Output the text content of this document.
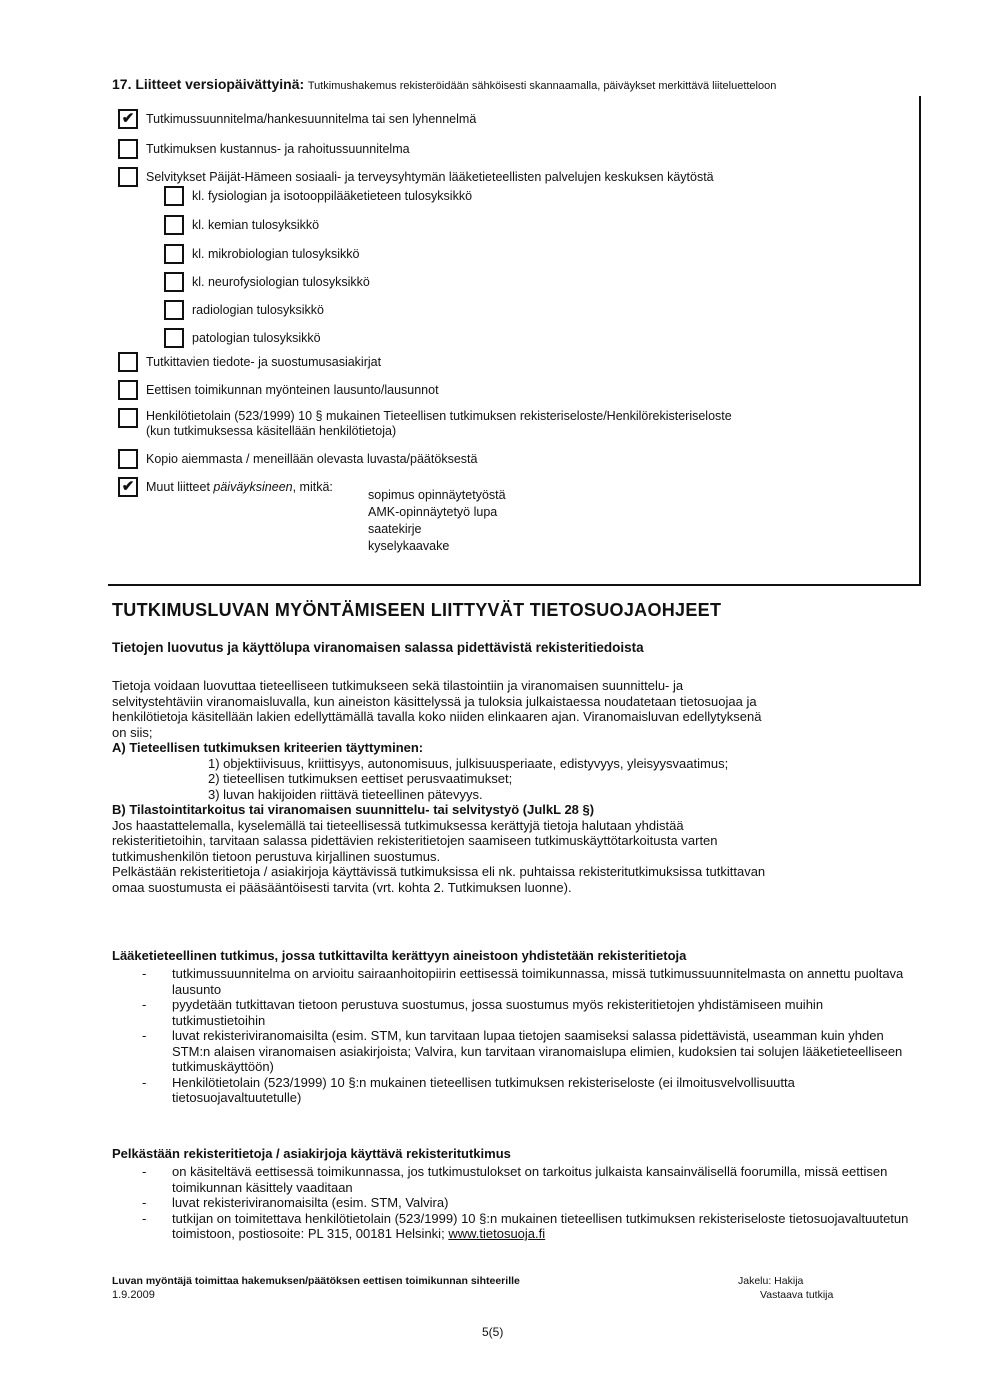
17. Liitteet versiopäivättyinä: Tutkimushakemus rekisteröidään sähköisesti skannaamalla, päiväykset merkittävä liiteluetteloon
✔ Tutkimussuunnitelma/hankesuunnitelma tai sen lyhennelmä
Tutkimuksen kustannus- ja rahoitussuunnitelma
Selvitykset Päijät-Hämeen sosiaali- ja terveysyhtymän lääketieteellisten palvelujen keskuksen käytöstä
kl. fysiologian ja isotooppilääketieteen tulosyksikkö
kl. kemian tulosyksikkö
kl. mikrobiologian tulosyksikkö
kl. neurofysiologian tulosyksikkö
radiologian tulosyksikkö
patologian tulosyksikkö
Tutkittavien tiedote- ja suostumusasiakirjat
Eettisen toimikunnan myönteinen lausunto/lausunnot
Henkilötietolain (523/1999) 10 § mukainen Tieteellisen tutkimuksen rekisteriseloste/Henkilörekisteriseloste
(kun tutkimuksessa käsitellään henkilötietoja)
Kopio aiemmasta / meneillään olevasta luvasta/päätöksestä
✔ Muut liitteet päiväyksineen, mitkä:
sopimus opinnäytetyöstä
AMK-opinnäytetyö lupa
saatekirje
kyselykaavake
TUTKIMUSLUVAN MYÖNTÄMISEEN LIITTYVÄT TIETOSUOJAOHJEET
Tietojen luovutus ja käyttölupa viranomaisen salassa pidettävistä rekisteritiedoista
Tietoja voidaan luovuttaa tieteelliseen tutkimukseen sekä tilastointiin ja viranomaisen suunnittelu- ja
selvitystehtäviin viranomaisluvalla, kun aineiston käsittelyssä ja tuloksia julkaistaessa noudatetaan tietosuojaa ja
henkilötietoja käsitellään lakien edellyttämällä tavalla koko niiden elinkaaren ajan. Viranomaisluvan edellytyksenä
on siis;
A) Tieteellisen tutkimuksen kriteerien täyttyminen:
1) objektiivisuus, kriittisyys, autonomisuus, julkisuusperiaate, edistyvyys, yleisyysvaatimus;
2) tieteellisen tutkimuksen eettiset perusvaatimukset;
3) luvan hakijoiden riittävä tieteellinen pätevyys.
B) Tilastointitarkoitus tai viranomaisen suunnittelu- tai selvitystyö (JulkL 28 §)
Jos haastattelemalla, kyselemällä tai tieteellisessä tutkimuksessa kerättyjä tietoja halutaan yhdistää
rekisteritietoihin, tarvitaan salassa pidettävien rekisteritietojen saamiseen tutkimuskäyttötarkoitusta varten
tutkimushenkilön tietoon perustuva kirjallinen suostumus.
Pelkästään rekisteritietoja / asiakirjoja käyttävissä tutkimuksissa eli nk. puhtaissa rekisteritutkimuksissa tutkittavan
omaa suostumusta ei pääsääntöisesti tarvita (vrt. kohta 2. Tutkimuksen luonne).
Lääketieteellinen tutkimus, jossa tutkittavilta kerättyyn aineistoon yhdistetään rekisteritietoja
- tutkimussuunnitelma on arvioitu sairaanhoitopiirin eettisessä toimikunnassa, missä tutkimussuunnitelmasta on annettu puoltava lausunto
- pyydetään tutkittavan tietoon perustuva suostumus, jossa suostumus myös rekisteritietojen yhdistämiseen muihin tutkimustietoihin
- luvat rekisteriviranomaisilta (esim. STM, kun tarvitaan lupaa tietojen saamiseksi salassa pidettävistä, useamman kuin yhden STM:n alaisen viranomaisen asiakirjoista; Valvira, kun tarvitaan viranomaislupa elimien, kudoksien tai solujen lääketieteelliseen tutkimuskäyttöön)
- Henkilötietolain (523/1999) 10 §:n mukainen tieteellisen tutkimuksen rekisteriseloste (ei ilmoitusvelvollisuutta tietosuojavaltuutetulle)
Pelkästään rekisteritietoja / asiakirjoja käyttävä rekisteritutkimus
- on käsiteltävä eettisessä toimikunnassa, jos tutkimustulokset on tarkoitus julkaista kansainvälisellä foorumilla, missä eettisen toimikunnan käsittely vaaditaan
- luvat rekisteriviranomaisilta (esim. STM, Valvira)
- tutkijan on toimitettava henkilötietolain (523/1999) 10 §:n mukainen tieteellisen tutkimuksen rekisteriseloste tietosuojavaltuutetun toimistoon, postiosoite: PL 315, 00181 Helsinki; www.tietosuoja.fi
Luvan myöntäjä toimittaa hakemuksen/päätöksen eettisen toimikunnan sihteerille
1.9.2009
Jakelu: Hakija
Vastaava tutkija
5(5)
